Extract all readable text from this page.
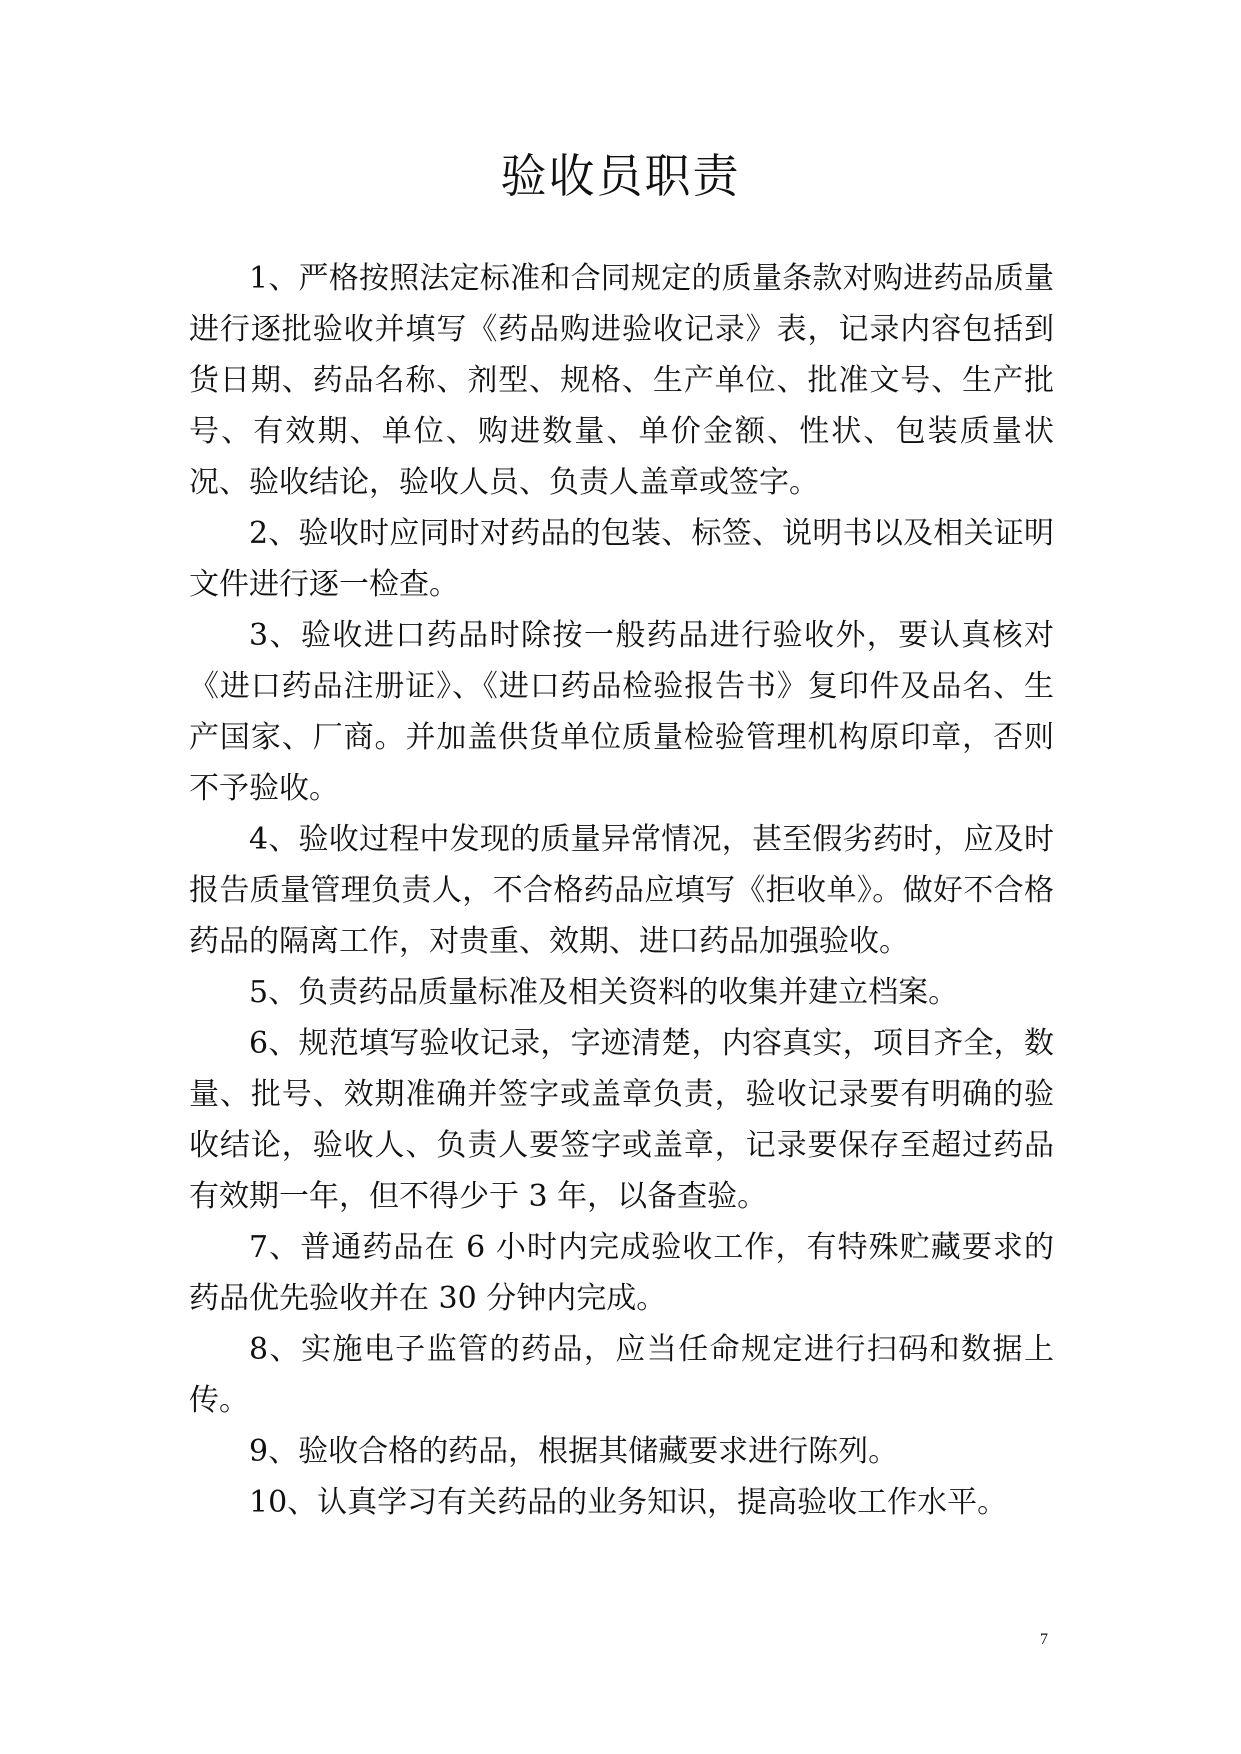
验收员职责

1、严格按照法定标准和合同规定的质量条款对购进药品质量进行逐批验收并填写《药品购进验收记录》表，记录内容包括到货日期、药品名称、剂型、规格、生产单位、批准文号、生产批号、有效期、单位、购进数量、单价金额、性状、包装质量状况、验收结论，验收人员、负责人盖章或签字。

2、验收时应同时对药品的包装、标签、说明书以及相关证明文件进行逐一检查。

3、验收进口药品时除按一般药品进行验收外，要认真核对《进口药品注册证》、《进口药品检验报告书》复印件及品名、生产国家、厂商。并加盖供货单位质量检验管理机构原印章，否则不予验收。

4、验收过程中发现的质量异常情况，甚至假劣药时，应及时报告质量管理负责人，不合格药品应填写《拒收单》。做好不合格药品的隔离工作，对贵重、效期、进口药品加强验收。

5、负责药品质量标准及相关资料的收集并建立档案。

6、规范填写验收记录，字迹清楚，内容真实，项目齐全，数量、批号、效期准确并签字或盖章负责，验收记录要有明确的验收结论，验收人、负责人要签字或盖章，记录要保存至超过药品有效期一年，但不得少于 3 年，以备查验。

7、普通药品在 6 小时内完成验收工作，有特殊贮藏要求的药品优先验收并在 30 分钟内完成。

8、实施电子监管的药品，应当任命规定进行扫码和数据上传。

9、验收合格的药品，根据其储藏要求进行陈列。

10、认真学习有关药品的业务知识，提高验收工作水平。

7
